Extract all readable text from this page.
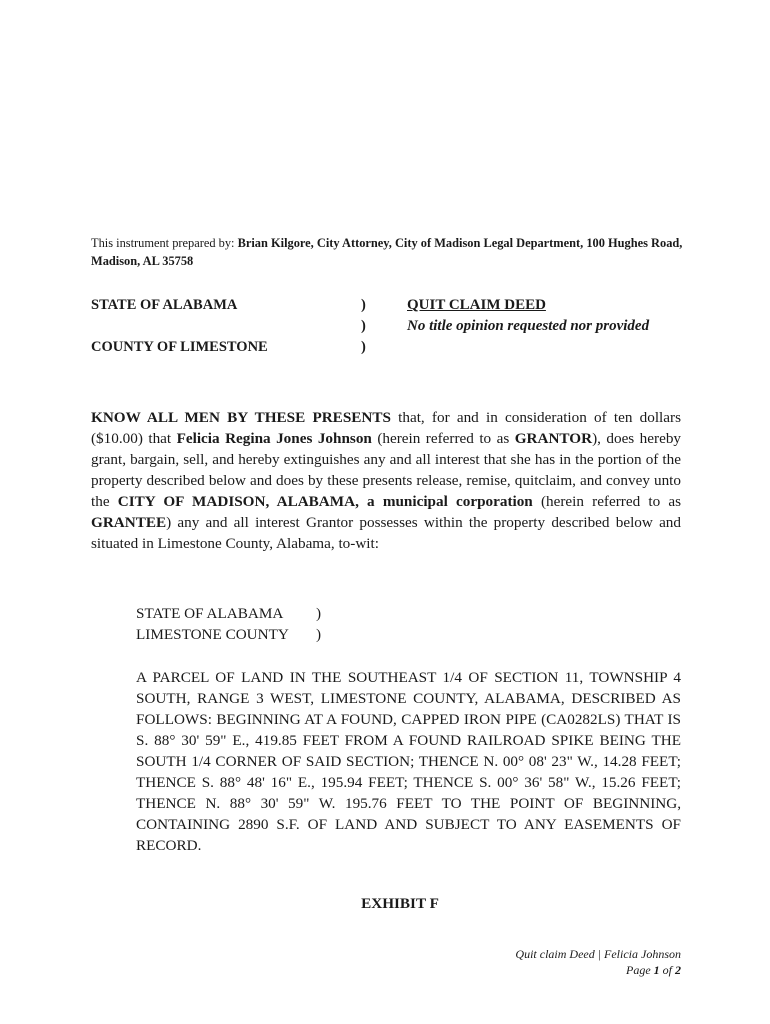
This instrument prepared by: Brian Kilgore, City Attorney, City of Madison Legal Department, 100 Hughes Road, Madison, AL 35758
STATE OF ALABAMA
COUNTY OF LIMESTONE
)
)
)
QUIT CLAIM DEED
No title opinion requested nor provided
KNOW ALL MEN BY THESE PRESENTS that, for and in consideration of ten dollars ($10.00) that Felicia Regina Jones Johnson (herein referred to as GRANTOR), does hereby grant, bargain, sell, and hereby extinguishes any and all interest that she has in the portion of the property described below and does by these presents release, remise, quitclaim, and convey unto the CITY OF MADISON, ALABAMA, a municipal corporation (herein referred to as GRANTEE) any and all interest Grantor possesses within the property described below and situated in Limestone County, Alabama, to-wit:
STATE OF ALABAMA
LIMESTONE COUNTY
)
)
A PARCEL OF LAND IN THE SOUTHEAST 1/4 OF SECTION 11, TOWNSHIP 4 SOUTH, RANGE 3 WEST, LIMESTONE COUNTY, ALABAMA, DESCRIBED AS FOLLOWS: BEGINNING AT A FOUND, CAPPED IRON PIPE (CA0282LS) THAT IS S. 88° 30' 59" E., 419.85 FEET FROM A FOUND RAILROAD SPIKE BEING THE SOUTH 1/4 CORNER OF SAID SECTION; THENCE N. 00° 08' 23" W., 14.28 FEET; THENCE S. 88° 48' 16" E., 195.94 FEET; THENCE S. 00° 36' 58" W., 15.26 FEET; THENCE N. 88° 30' 59" W. 195.76 FEET TO THE POINT OF BEGINNING, CONTAINING 2890 S.F. OF LAND AND SUBJECT TO ANY EASEMENTS OF RECORD.
EXHIBIT F
Quit claim Deed | Felicia Johnson
Page 1 of 2
